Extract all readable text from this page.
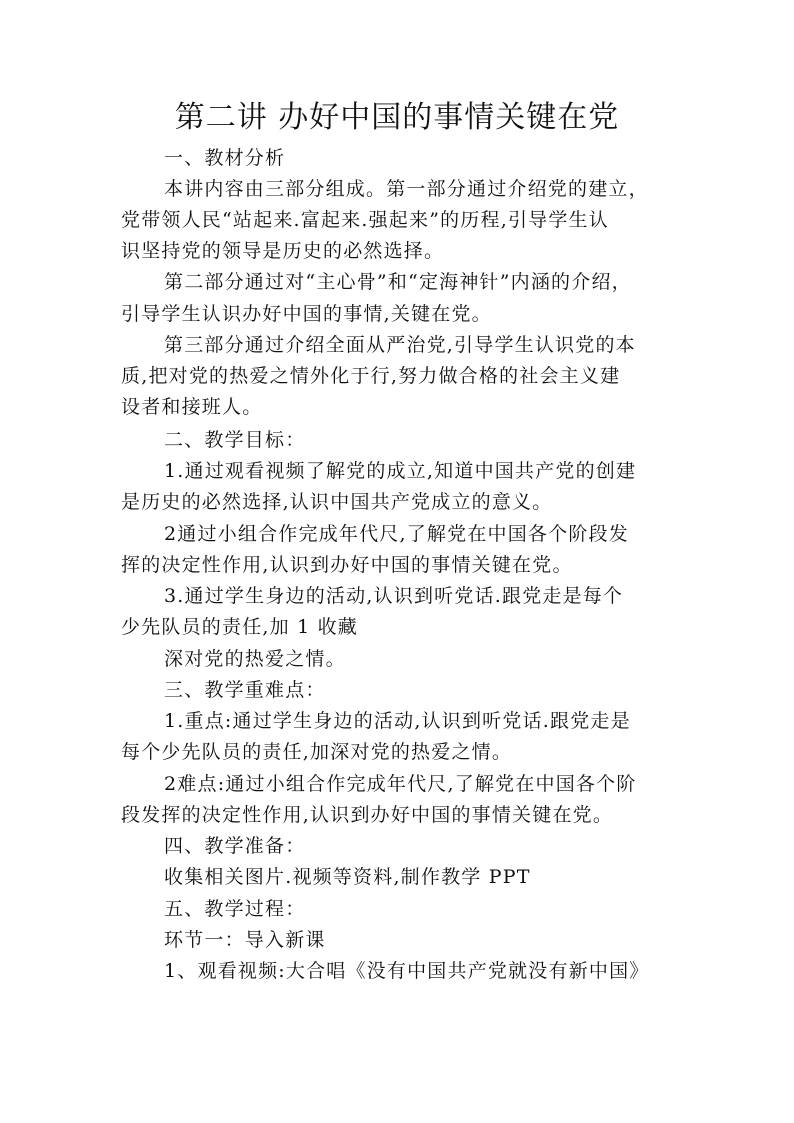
第二讲 办好中国的事情关键在党
一、教材分析
本讲内容由三部分组成。第一部分通过介绍党的建立，
党带领人民“站起来.富起来.强起来”的历程,引导学生认
识坚持党的领导是历史的必然选择。
第二部分通过对“主心骨”和“定海神针”内涵的介绍，
引导学生认识办好中国的事情,关键在党。
第三部分通过介绍全面从严治党,引导学生认识党的本
质,把对党的热爱之情外化于行,努力做合格的社会主义建
设者和接班人。
二、教学目标：
1.通过观看视频了解党的成立,知道中国共产党的创建
是历史的必然选择,认识中国共产党成立的意义。
2通过小组合作完成年代尺,了解党在中国各个阶段发
挥的决定性作用,认识到办好中国的事情关键在党。
3.通过学生身边的活动,认识到听党话.跟党走是每个
少先队员的责任,加 1 收藏
深对党的热爱之情。
三、教学重难点：
1.重点:通过学生身边的活动,认识到听党话.跟党走是
每个少先队员的责任,加深对党的热爱之情。
2难点:通过小组合作完成年代尺,了解党在中国各个阶
段发挥的决定性作用,认识到办好中国的事情关键在党。
四、教学准备：
收集相关图片.视频等资料,制作教学 PPT
五、教学过程：
环节一：导入新课
1、观看视频:大合唱《没有中国共产党就没有新中国》
